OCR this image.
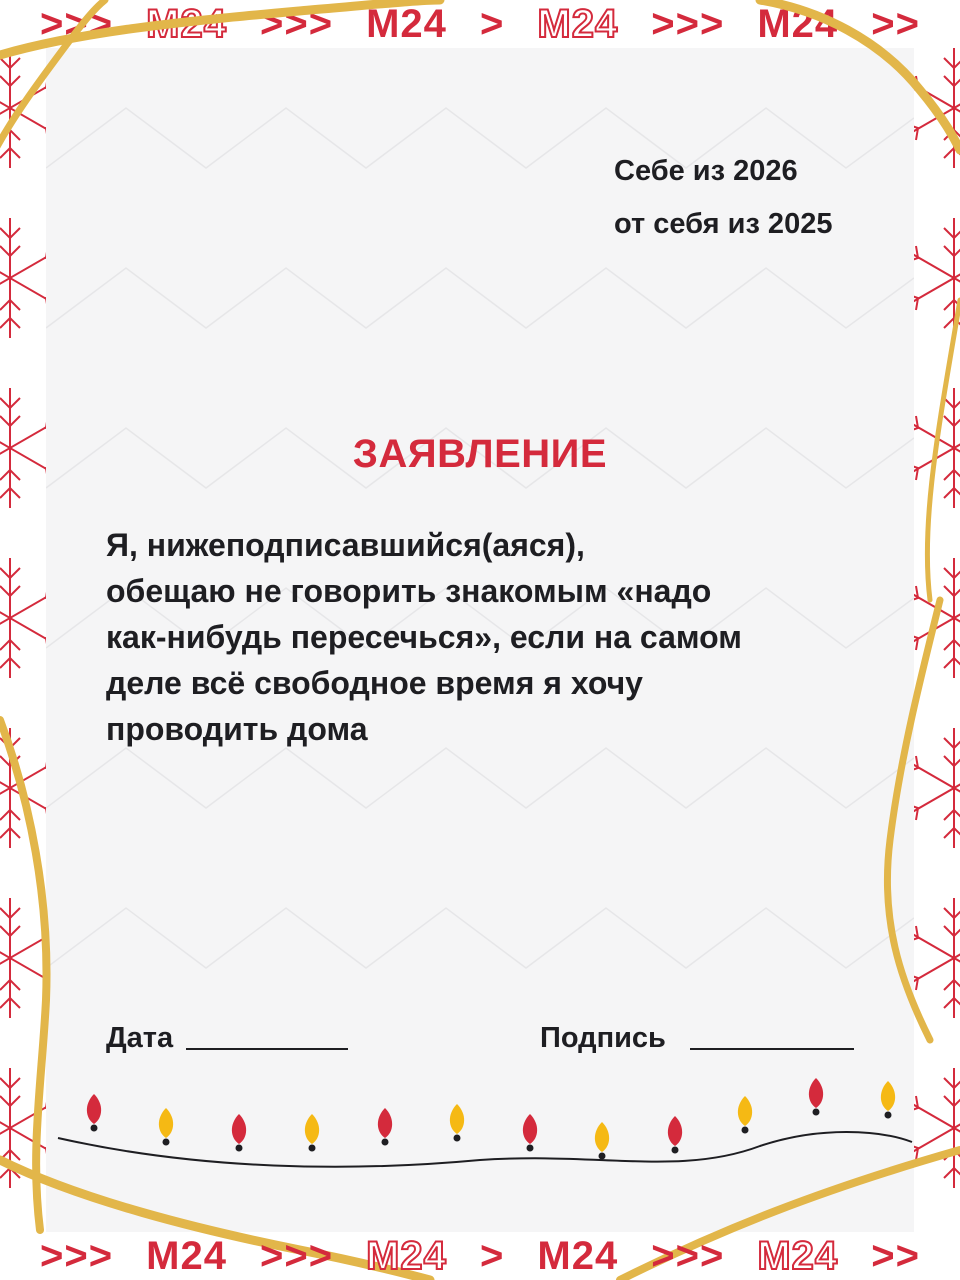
>>> M24 >>> M24 > M24 >>> M24 >>
Себе из 2026
от себя из 2025
ЗАЯВЛЕНИЕ
Я, нижеподписавшийся(аяся),
обещаю не говорить знакомым «надо
как-нибудь пересечься», если на самом
деле всё свободное время я хочу
проводить дома
Дата	Подпись
>>> M24 >>> M24 > M24 >>> M24 >>
